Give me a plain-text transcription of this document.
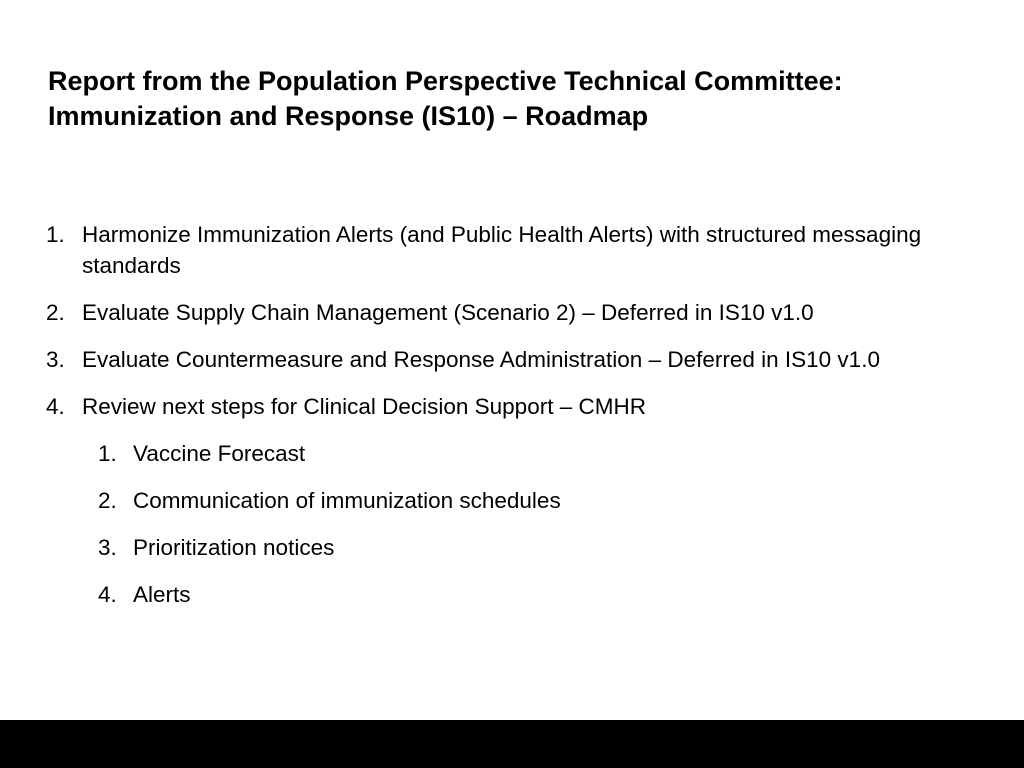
Report from the Population Perspective Technical Committee:
Immunization and Response (IS10) – Roadmap
1. Harmonize Immunization Alerts (and Public Health Alerts) with structured messaging standards
2. Evaluate Supply Chain Management (Scenario 2) – Deferred in IS10 v1.0
3. Evaluate Countermeasure and Response Administration – Deferred in IS10 v1.0
4. Review next steps for Clinical Decision Support – CMHR
1. Vaccine Forecast
2. Communication of immunization schedules
3. Prioritization notices
4. Alerts
